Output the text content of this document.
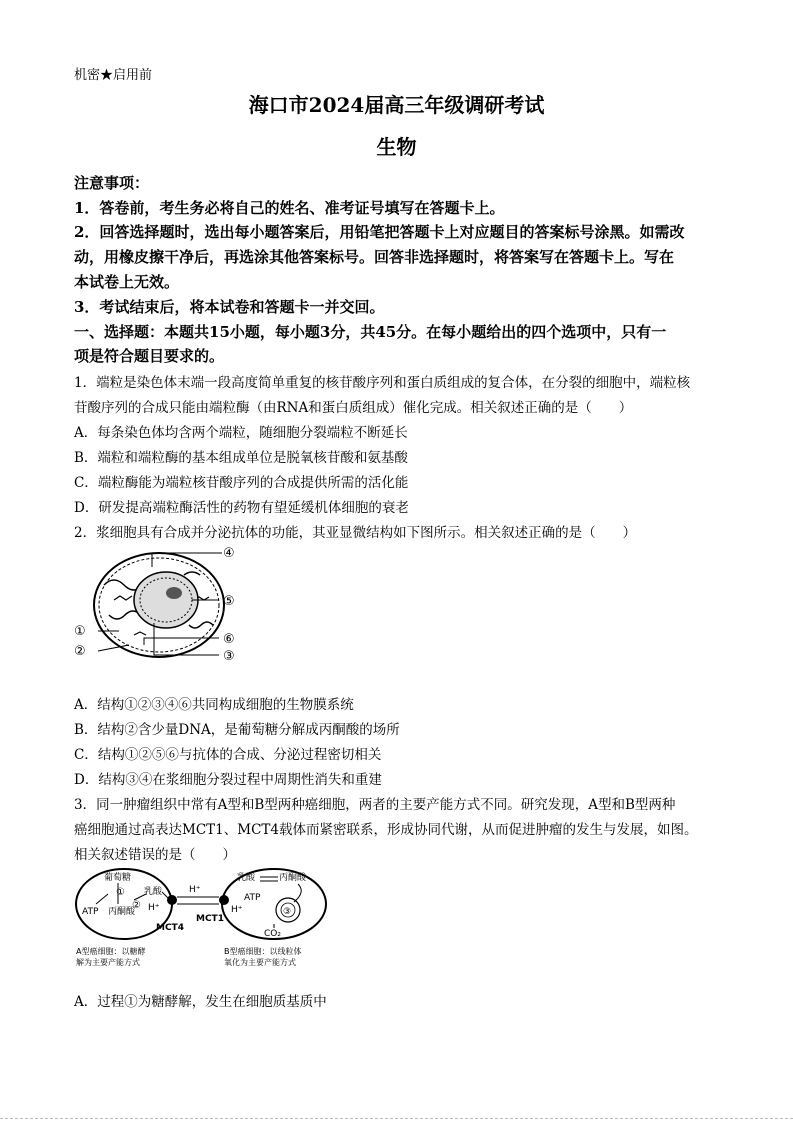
机密★启用前
海口市2024届高三年级调研考试
生物
注意事项：
1．答卷前，考生务必将自己的姓名、准考证号填写在答题卡上。
2．回答选择题时，选出每小题答案后，用铅笔把答题卡上对应题目的答案标号涂黑。如需改
动，用橡皮擦干净后，再选涂其他答案标号。回答非选择题时，将答案写在答题卡上。写在
本试卷上无效。
3．考试结束后，将本试卷和答题卡一并交回。
一、选择题：本题共15小题，每小题3分，共45分。在每小题给出的四个选项中，只有一
项是符合题目要求的。
1．端粒是染色体末端一段高度简单重复的核苷酸序列和蛋白质组成的复合体，在分裂的细胞中，端粒核
苷酸序列的合成只能由端粒酶（由RNA和蛋白质组成）催化完成。相关叙述正确的是（　　）
A．每条染色体均含两个端粒，随细胞分裂端粒不断延长
B．端粒和端粒酶的基本组成单位是脱氧核苷酸和氨基酸
C．端粒酶能为端粒核苷酸序列的合成提供所需的活化能
D．研发提高端粒酶活性的药物有望延缓机体细胞的衰老
2．浆细胞具有合成并分泌抗体的功能，其亚显微结构如下图所示。相关叙述正确的是（　　）
④
⑤
①
⑥
②	③
A．结构①②③④⑥共同构成细胞的生物膜系统
B．结构②含少量DNA，是葡萄糖分解成丙酮酸的场所
C．结构①②⑤⑥与抗体的合成、分泌过程密切相关
D．结构③④在浆细胞分裂过程中周期性消失和重建
3．同一肿瘤组织中常有A型和B型两种癌细胞，两者的主要产能方式不同。研究发现，A型和B型两种
癌细胞通过高表达MCT1、MCT4载体而紧密联系，形成协同代谢，从而促进肿瘤的发生与发展，如图。
相关叙述错误的是（　　）
葡萄糖
①
②
乳酸
ATP 丙酮酸 H⁺
MCT4
MCT1
乳酸	丙酮酸
H⁺
H⁺
ATP
③
CO₂
A型癌细胞：以糖酵
解为主要产能方式
B型癌细胞：以线粒体
氧化为主要产能方式
A．过程①为糖酵解，发生在细胞质基质中
